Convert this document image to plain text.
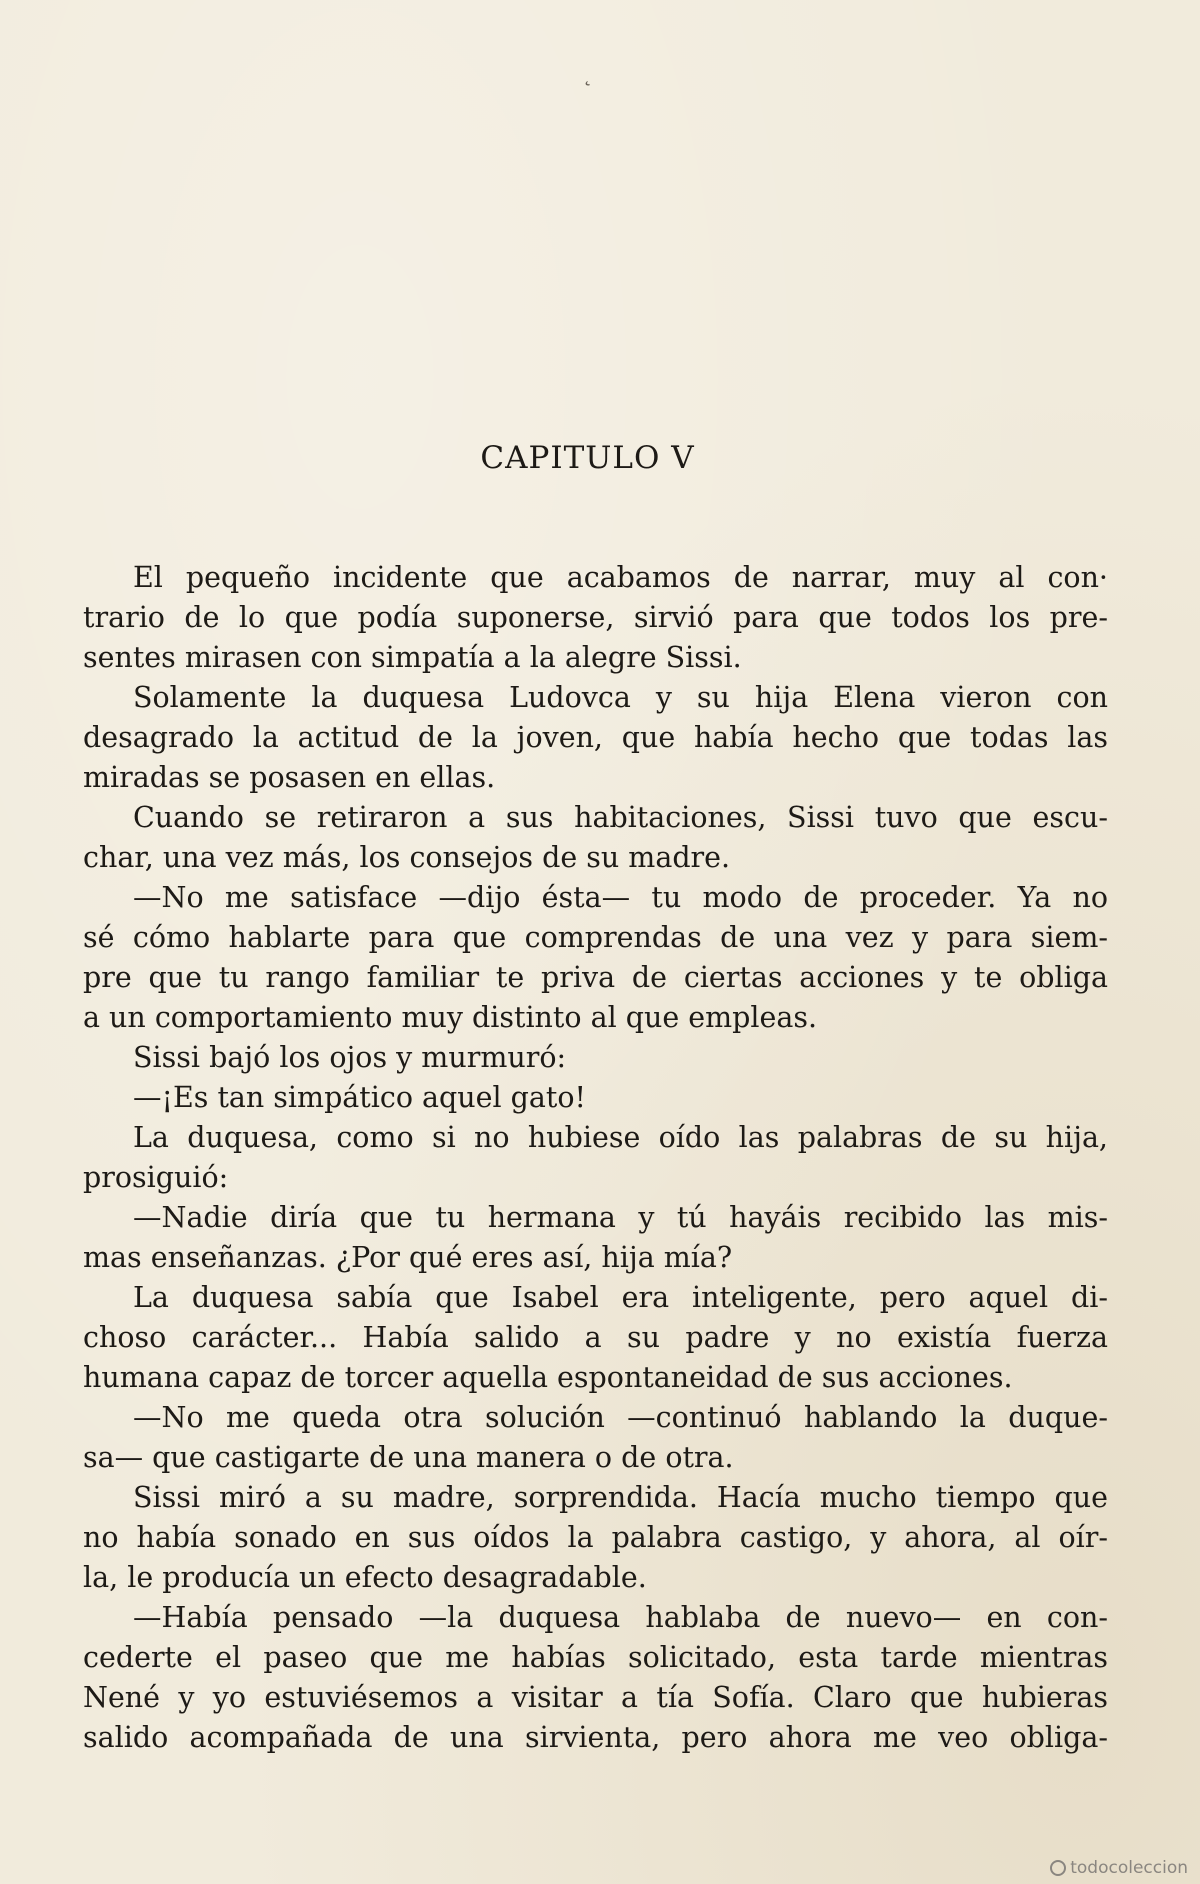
˛
CAPITULO V
El pequeño incidente que acabamos de narrar, muy al con·
trario de lo que podía suponerse, sirvió para que todos los pre-
sentes mirasen con simpatía a la alegre Sissi.
Solamente la duquesa Ludovca y su hija Elena vieron con
desagrado la actitud de la joven, que había hecho que todas las
miradas se posasen en ellas.
Cuando se retiraron a sus habitaciones, Sissi tuvo que escu-
char, una vez más, los consejos de su madre.
—No me satisface —dijo ésta— tu modo de proceder. Ya no
sé cómo hablarte para que comprendas de una vez y para siem-
pre que tu rango familiar te priva de ciertas acciones y te obliga
a un comportamiento muy distinto al que empleas.
Sissi bajó los ojos y murmuró:
—¡Es tan simpático aquel gato!
La duquesa, como si no hubiese oído las palabras de su hija,
prosiguió:
—Nadie diría que tu hermana y tú hayáis recibido las mis-
mas enseñanzas. ¿Por qué eres así, hija mía?
La duquesa sabía que Isabel era inteligente, pero aquel di-
choso carácter... Había salido a su padre y no existía fuerza
humana capaz de torcer aquella espontaneidad de sus acciones.
—No me queda otra solución —continuó hablando la duque-
sa— que castigarte de una manera o de otra.
Sissi miró a su madre, sorprendida. Hacía mucho tiempo que
no había sonado en sus oídos la palabra castigo, y ahora, al oír-
la, le producía un efecto desagradable.
—Había pensado —la duquesa hablaba de nuevo— en con-
cederte el paseo que me habías solicitado, esta tarde mientras
Nené y yo estuviésemos a visitar a tía Sofía. Claro que hubieras
salido acompañada de una sirvienta, pero ahora me veo obliga-
todocoleccion
